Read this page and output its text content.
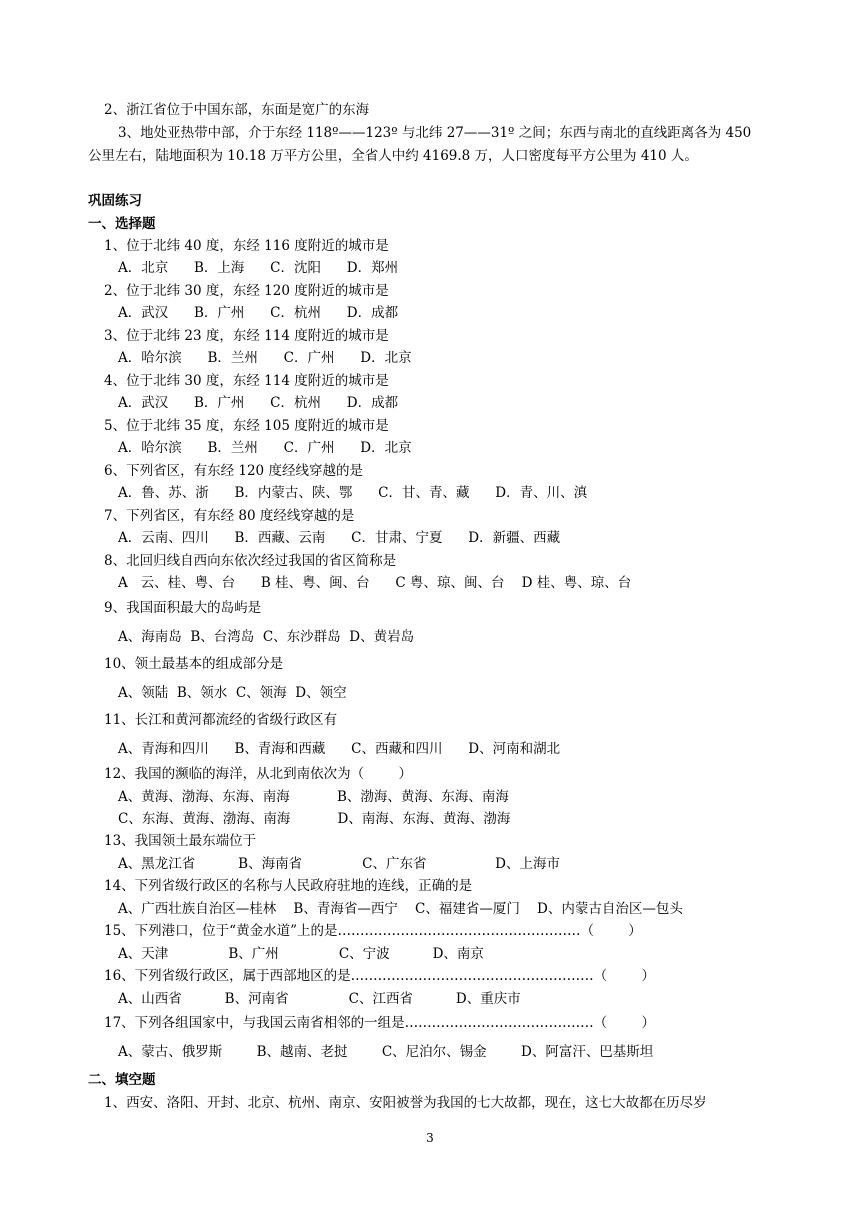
2、浙江省位于中国东部，东面是宽广的东海
3、地处亚热带中部，介于东经 118º——123º 与北纬 27——31º 之间；东西与南北的直线距离各为 450
公里左右，陆地面积为 10.18 万平方公里，全省人中约 4169.8 万，人口密度每平方公里为 410 人。
巩固练习
一、选择题
1、位于北纬 40 度，东经 116 度附近的城市是
A．北京      B．上海      C．沈阳      D．郑州
2、位于北纬 30 度，东经 120 度附近的城市是
A．武汉      B．广州      C．杭州      D．成都
3、位于北纬 23 度，东经 114 度附近的城市是
A．哈尔滨      B．兰州      C．广州      D．北京
4、位于北纬 30 度，东经 114 度附近的城市是
A．武汉      B．广州      C．杭州      D．成都
5、位于北纬 35 度，东经 105 度附近的城市是
A．哈尔滨      B．兰州      C．广州      D．北京
6、下列省区，有东经 120 度经线穿越的是
A．鲁、苏、浙      B．内蒙古、陕、鄂      C．甘、青、藏      D．青、川、滇
7、下列省区，有东经 80 度经线穿越的是
A．云南、四川      B．西藏、云南      C．甘肃、宁夏      D．新疆、西藏
8、北回归线自西向东依次经过我国的省区简称是
A   云、桂、粤、台      B 桂、粤、闽、台      C 粤、琼、闽、台    D 桂、粤、琼、台
9、我国面积最大的岛屿是
A、海南岛  B、台湾岛  C、东沙群岛  D、黄岩岛
10、领土最基本的组成部分是
A、领陆  B、领水  C、领海  D、领空
11、长江和黄河都流经的省级行政区有
A、青海和四川      B、青海和西藏      C、西藏和四川      D、河南和湖北
12、我国的濒临的海洋，从北到南依次为（        ）
A、黄海、渤海、东海、南海           B、渤海、黄海、东海、南海
C、东海、黄海、渤海、南海           D、南海、东海、黄海、渤海
13、我国领土最东端位于
A、黑龙江省          B、海南省              C、广东省                D、上海市
14、下列省级行政区的名称与人民政府驻地的连线，正确的是
A、广西壮族自治区—桂林    B、青海省—西宁    C、福建省—厦门    D、内蒙古自治区—包头
15、下列港口，位于“黄金水道”上的是………………………………………………（        ）
A、天津              B、广州              C、宁波          D、南京
16、下列省级行政区，属于西部地区的是………………………………………………（        ）
A、山西省          B、河南省              C、江西省          D、重庆市
17、下列各组国家中，与我国云南省相邻的一组是……………………………………（        ）
A、蒙古、俄罗斯        B、越南、老挝        C、尼泊尔、锡金        D、阿富汗、巴基斯坦
二、填空题
1、西安、洛阳、开封、北京、杭州、南京、安阳被誉为我国的七大故都，现在，这七大故都在历尽岁
3
